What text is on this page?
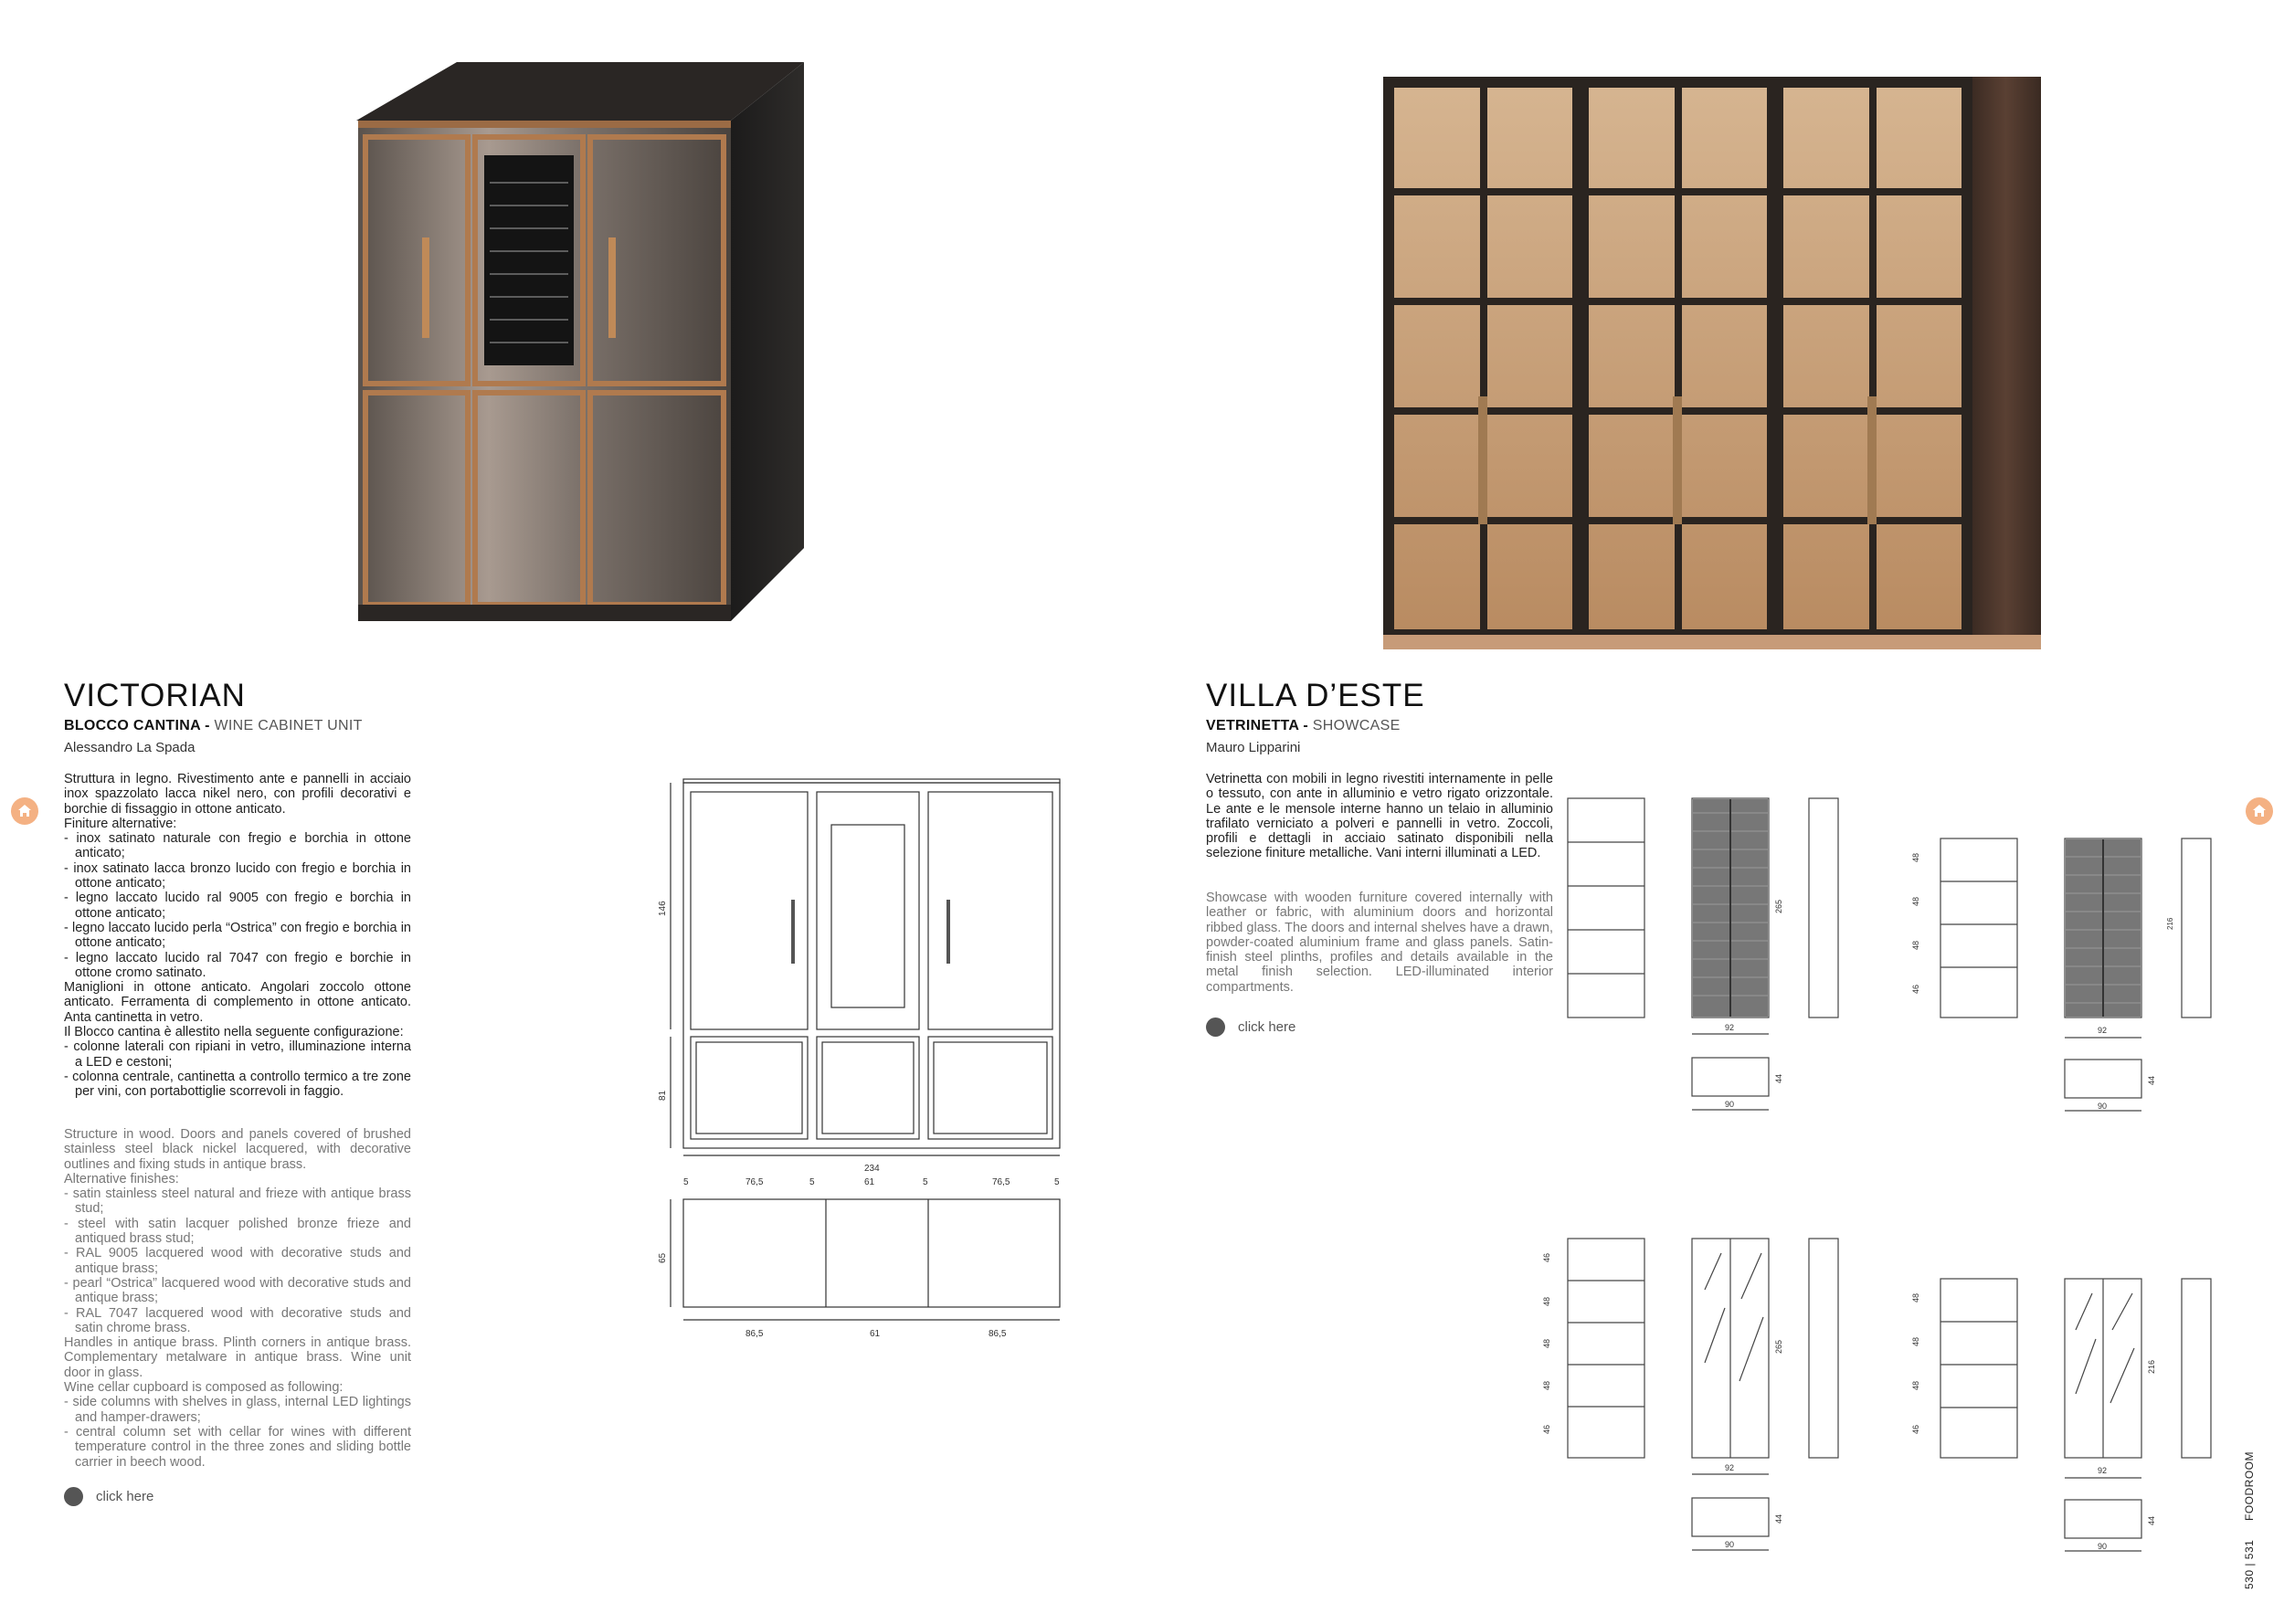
VICTORIAN
BLOCCO CANTINA - WINE CABINET UNIT
Alessandro La Spada

Struttura in legno. Rivestimento ante e pannelli in acciaio inox spazzolato lacca nikel nero, con profili decorativi e borchie di fissaggio in ottone anticato.

Finiture alternative:

- inox satinato naturale con fregio e borchia in ottone anticato;

- inox satinato lacca bronzo lucido con fregio e borchia in ottone anticato;

- legno laccato lucido ral 9005 con fregio e borchia in ottone anticato;

- legno laccato lucido perla “Ostrica” con fregio e borchia in ottone anticato;

- legno laccato lucido ral 7047 con fregio e borchie in ottone cromo satinato.

Maniglioni in ottone anticato. Angolari zoccolo ottone anticato. Ferramenta di complemento in ottone anticato. Anta cantinetta in vetro.

Il Blocco cantina è allestito nella seguente configurazione:

- colonne laterali con ripiani in vetro, illuminazione interna a LED e cestoni;

- colonna centrale, cantinetta a controllo termico a tre zone per vini, con portabottiglie scorrevoli in faggio.

Structure in wood. Doors and panels covered of brushed stainless steel black nickel lacquered, with decorative outlines and fixing studs in antique brass.

Alternative finishes:

- satin stainless steel natural and frieze with antique brass stud;

- steel with satin lacquer polished bronze frieze and antiqued brass stud;

- RAL 9005 lacquered wood with decorative studs and antique brass;

- pearl “Ostrica” lacquered wood with decorative studs and antique brass;

- RAL 7047 lacquered wood with decorative studs and satin chrome brass.

Handles in antique brass. Plinth corners in antique brass. Complementary metalware in antique brass. Wine unit door in glass.

Wine cellar cupboard is composed as following:

- side columns with shelves in glass, internal LED lightings and hamper-drawers;

- central column set with cellar for wines with different temperature control in the three zones and sliding bottle carrier in beech wood.

click here
146
81
234
5	76,5	5	61	5	76,5	5
65
86,5	61	86,5
VILLA D’ESTE
VETRINETTA - SHOWCASE
Mauro Lipparini
Vetrinetta con mobili in legno rivestiti internamente in pelle o tessuto, con ante in alluminio e vetro rigato orizzontale. Le ante e le mensole interne hanno un telaio in alluminio trafilato verniciato a polveri e pannelli in vetro. Zoccoli, profili e dettagli in acciaio satinato disponibili nella selezione finiture metalliche. Vani interni illuminati a LED.
Showcase with wooden furniture covered internally with leather or fabric, with aluminium doors and horizontal ribbed glass. The doors and internal shelves have a drawn, powder-coated aluminium frame and glass panels. Satin-finish steel plinths, profiles and details available in the metal finish selection. LED-illuminated interior compartments.
click here
265
92
44
90
48
48
48
46
92
44
90
216
46
48
48
48
46
265
92
44
90
48
48
48
46
216
92
44
90	530 | 531
FOODROOM
